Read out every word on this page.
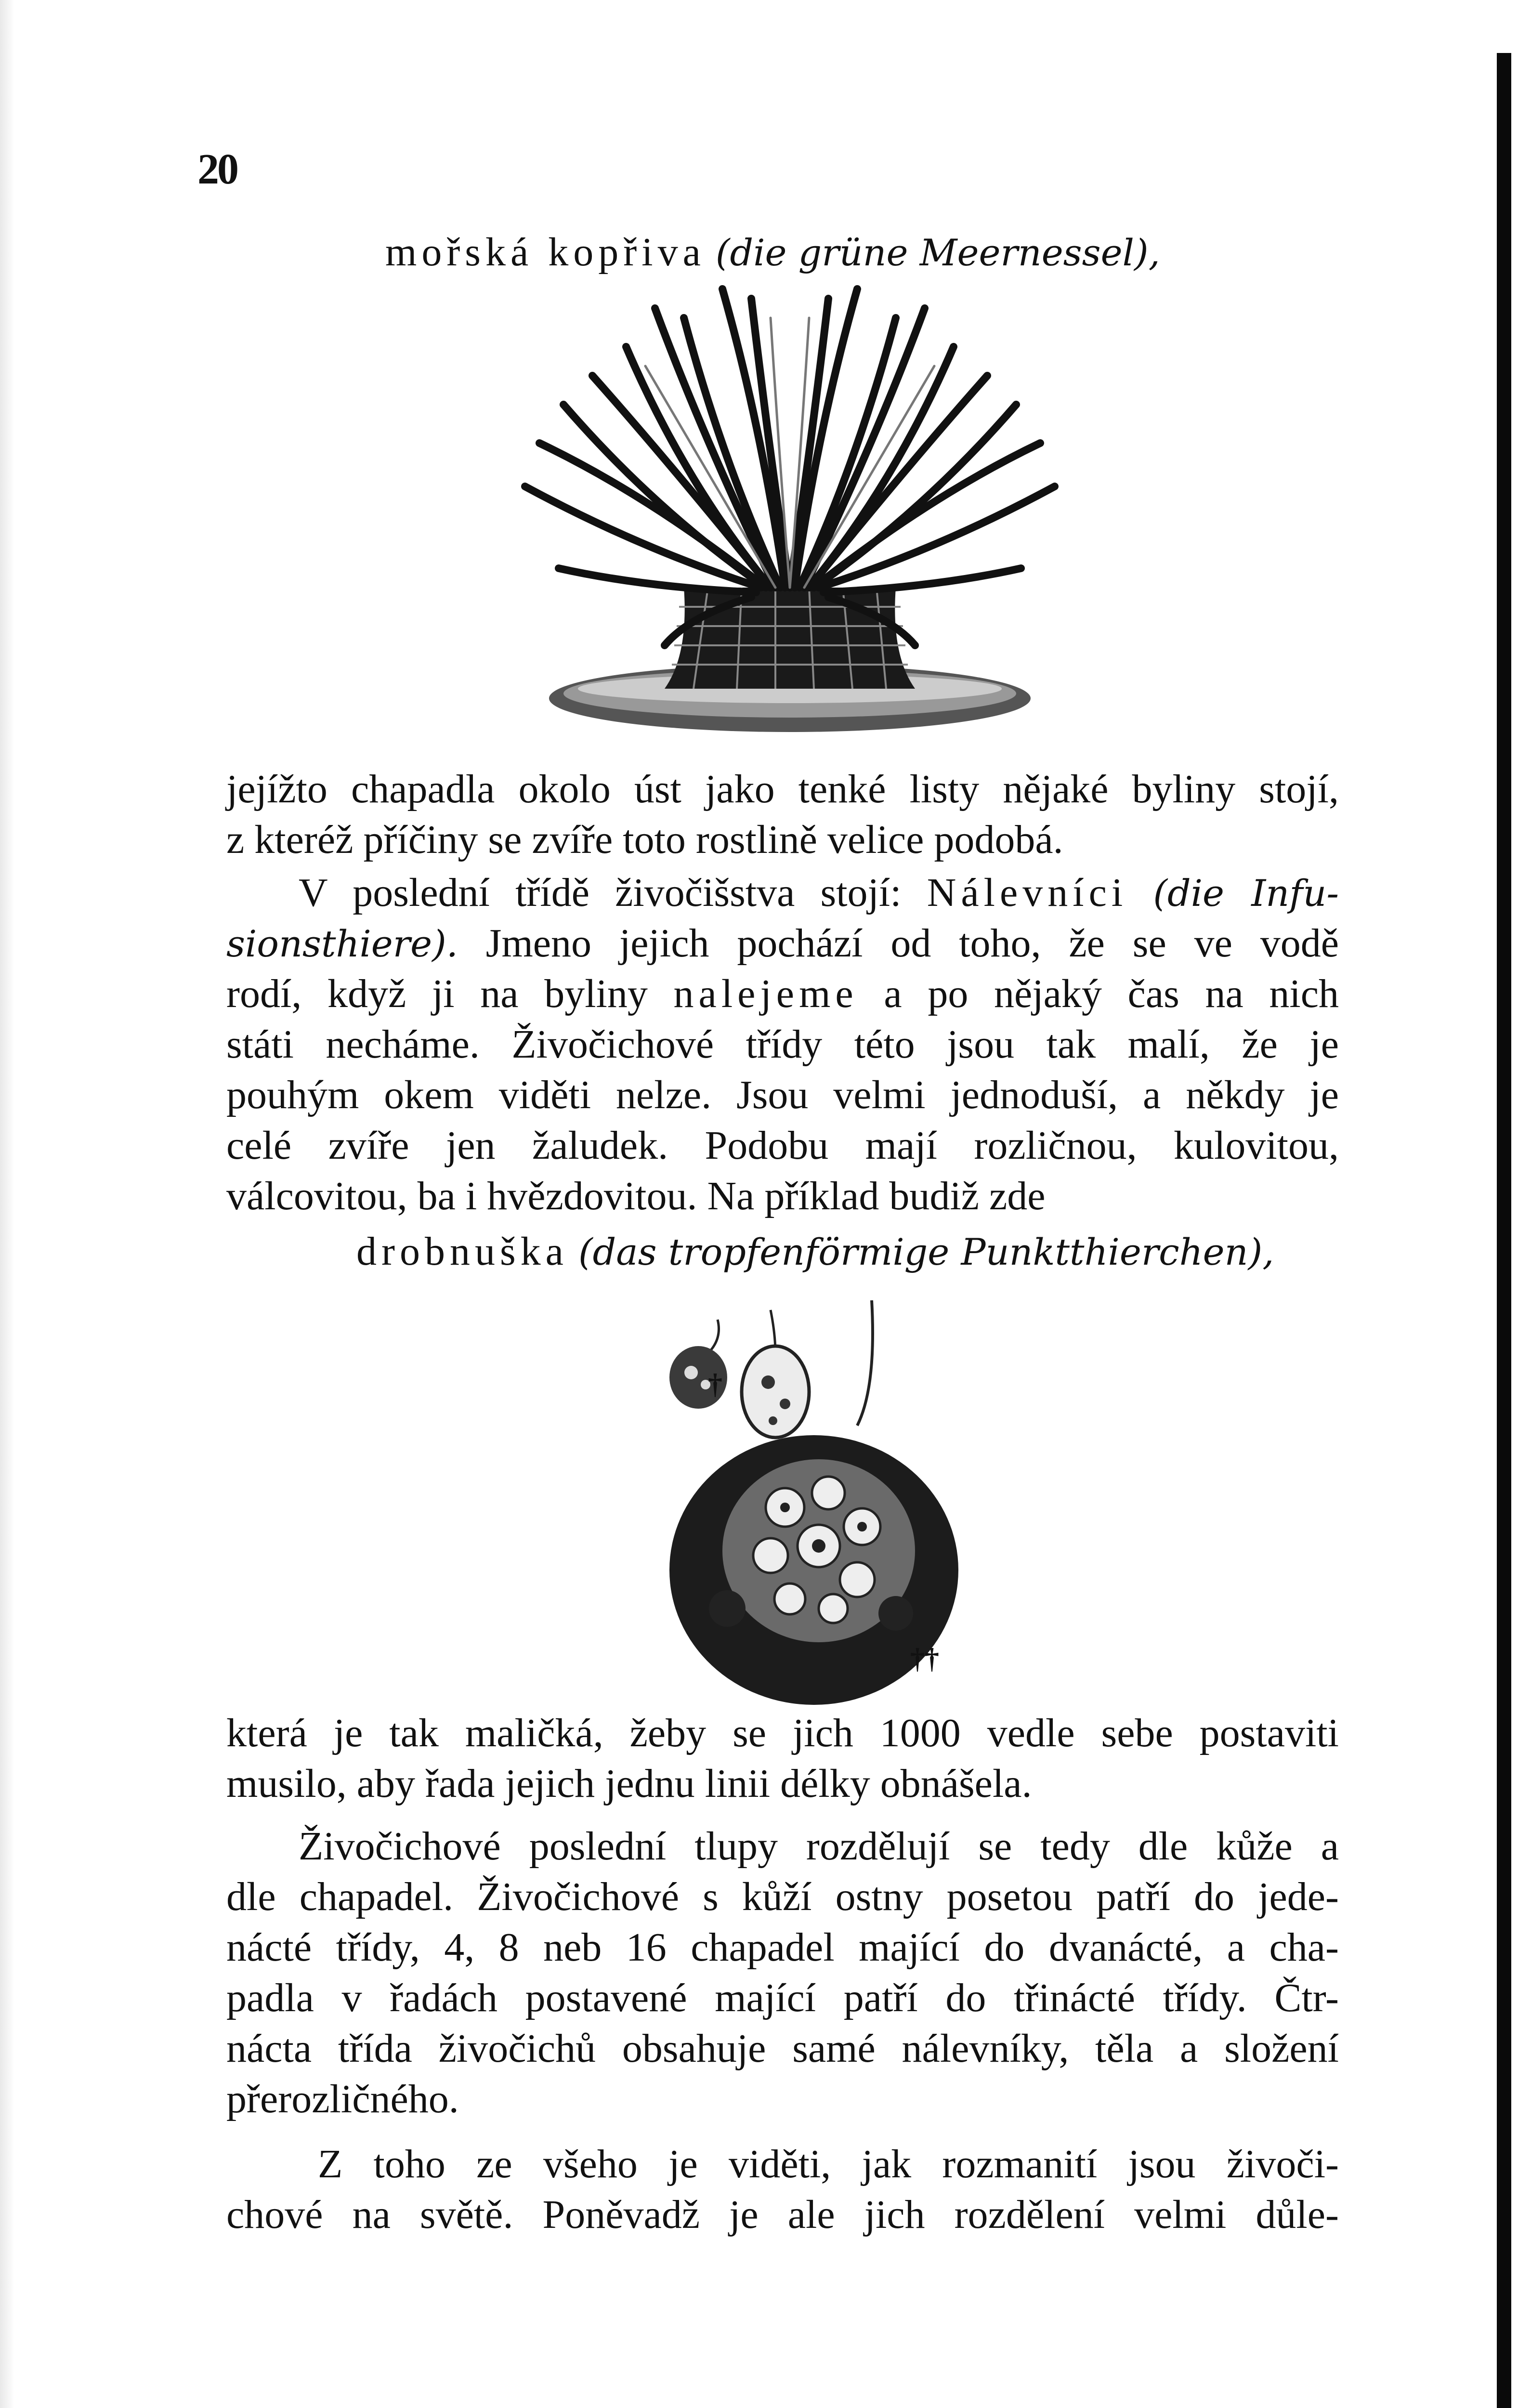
20
mořská kopřiva (die grüne Meernessel),
jejížto chapadla okolo úst jako tenké listy nějaké byliny stojí,
z kteréž příčiny se zvíře toto rostlině velice podobá.
V poslední třídě živočišstva stojí: Nálevníci (die Infu-
sionsthiere). Jmeno jejich pochází od toho, že se ve vodě
rodí, když ji na byliny nalejeme a po nějaký čas na nich
státi necháme. Živočichové třídy této jsou tak malí, že je
pouhým okem viděti nelze. Jsou velmi jednoduší, a někdy je
celé zvíře jen žaludek. Podobu mají rozličnou, kulovitou,
válcovitou, ba i hvězdovitou. Na příklad budiž zde
drobnuška (das tropfenförmige Punktthierchen),
†
††
která je tak maličká, žeby se jich 1000 vedle sebe postaviti
musilo, aby řada jejich jednu linii délky obnášela.
Živočichové poslední tlupy rozdělují se tedy dle kůže a
dle chapadel. Živočichové s kůží ostny posetou patří do jede-
nácté třídy, 4, 8 neb 16 chapadel mající do dvanácté, a cha-
padla v řadách postavené mající patří do třinácté třídy. Čtr-
nácta třída živočichů obsahuje samé nálevníky, těla a složení
přerozličného.
Z toho ze všeho je viděti, jak rozmanití jsou živoči-
chové na světě. Poněvadž je ale jich rozdělení velmi důle-
